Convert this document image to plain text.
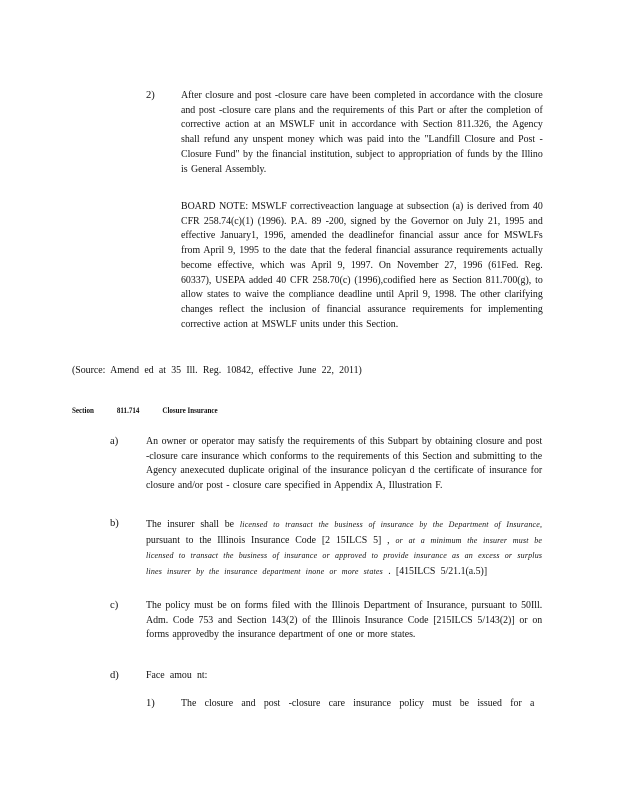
2) After closure and post -closure care have been completed in accordance with the closure and post -closure care plans and the requirements of this Part or after the completion of corrective action at an MSWLF unit in accordance with Section 811.326, the Agency shall refund any unspent money which was paid into the "Landfill Closure and Post -Closure Fund" by the financial institution, subject to appropriation of funds by the Illino is General Assembly.
BOARD NOTE: MSWLF correctiveaction language at subsection (a) is derived from 40 CFR 258.74(c)(1) (1996). P.A. 89 -200, signed by the Governor on July 21, 1995 and effective January1, 1996, amended the deadlinefor financial assur ance for MSWLFs from April 9, 1995 to the date that the federal financial assurance requirements actually become effective, which was April 9, 1997. On November 27, 1996 (61Fed. Reg. 60337), USEPA added 40 CFR 258.70(c) (1996),codified here as Section 811.700(g), to allow states to waive the compliance deadline until April 9, 1998. The other clarifying changes reflect the inclusion of financial assurance requirements for implementing corrective action at MSWLF units under this Section.
(Source: Amend ed at 35 Ill. Reg. 10842, effective June 22, 2011)
Section	811.714	Closure Insurance
a)	An owner or operator may satisfy the requirements of this Subpart by obtaining closure and post -closure care insurance which conforms to the requirements of this Section and submitting to the Agency anexecuted duplicate original of the insurance policyan d the certificate of insurance for closure and/or post - closure care specified in Appendix A, Illustration F.
b)	The insurer shall be licensed to transact the business of insurance by the Department of Insurance, pursuant to the Illinois Insurance Code [2 15ILCS 5] , or at a minimum the insurer must be licensed to transact the business of insurance or approved to provide insurance as an excess or surplus lines insurer by the insurance department inone or more states . [415ILCS 5/21.1(a.5)]
c)	The policy must be on forms filed with the Illinois Department of Insurance, pursuant to 50Ill. Adm. Code 753 and Section 143(2) of the Illinois Insurance Code [215ILCS 5/143(2)] or on forms approvedby the insurance department of one or more states.
d)	Face amou nt:
1) The closure and post -closure care insurance policy must be issued for a
